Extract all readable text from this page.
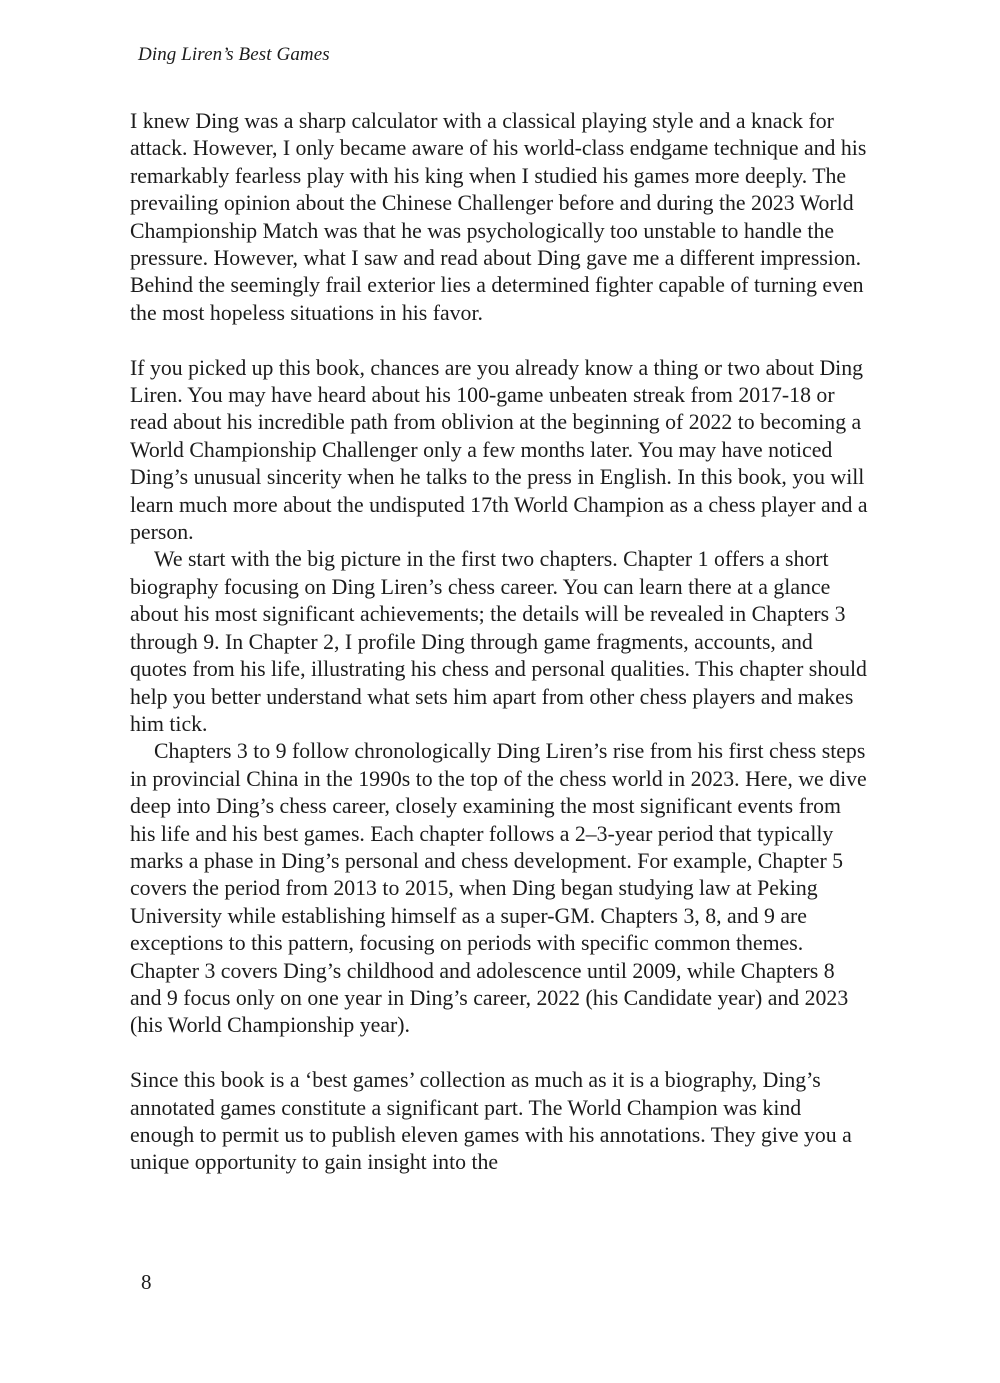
Ding Liren’s Best Games

I knew Ding was a sharp calculator with a classical playing style and a knack for attack. However, I only became aware of his world-class endgame technique and his remarkably fearless play with his king when I studied his games more deeply. The prevailing opinion about the Chinese Challenger before and during the 2023 World Championship Match was that he was psychologically too unstable to handle the pressure. However, what I saw and read about Ding gave me a different impression. Behind the seemingly frail exterior lies a determined fighter capable of turning even the most hopeless situations in his favor.

If you picked up this book, chances are you already know a thing or two about Ding Liren. You may have heard about his 100-game unbeaten streak from 2017-18 or read about his incredible path from oblivion at the beginning of 2022 to becoming a World Championship Challenger only a few months later. You may have noticed Ding’s unusual sincerity when he talks to the press in English. In this book, you will learn much more about the undisputed 17th World Champion as a chess player and a person.

We start with the big picture in the first two chapters. Chapter 1 offers a short biography focusing on Ding Liren’s chess career. You can learn there at a glance about his most significant achievements; the details will be revealed in Chapters 3 through 9. In Chapter 2, I profile Ding through game fragments, accounts, and quotes from his life, illustrating his chess and personal qualities. This chapter should help you better understand what sets him apart from other chess players and makes him tick.

Chapters 3 to 9 follow chronologically Ding Liren’s rise from his first chess steps in provincial China in the 1990s to the top of the chess world in 2023. Here, we dive deep into Ding’s chess career, closely examining the most significant events from his life and his best games. Each chapter follows a 2–3-year period that typically marks a phase in Ding’s personal and chess development. For example, Chapter 5 covers the period from 2013 to 2015, when Ding began studying law at Peking University while establishing himself as a super-GM. Chapters 3, 8, and 9 are exceptions to this pattern, focusing on periods with specific common themes. Chapter 3 covers Ding’s childhood and adolescence until 2009, while Chapters 8 and 9 focus only on one year in Ding’s career, 2022 (his Candidate year) and 2023 (his World Championship year).

Since this book is a ‘best games’ collection as much as it is a biography, Ding’s annotated games constitute a significant part. The World Champion was kind enough to permit us to publish eleven games with his annotations. They give you a unique opportunity to gain insight into the

8
